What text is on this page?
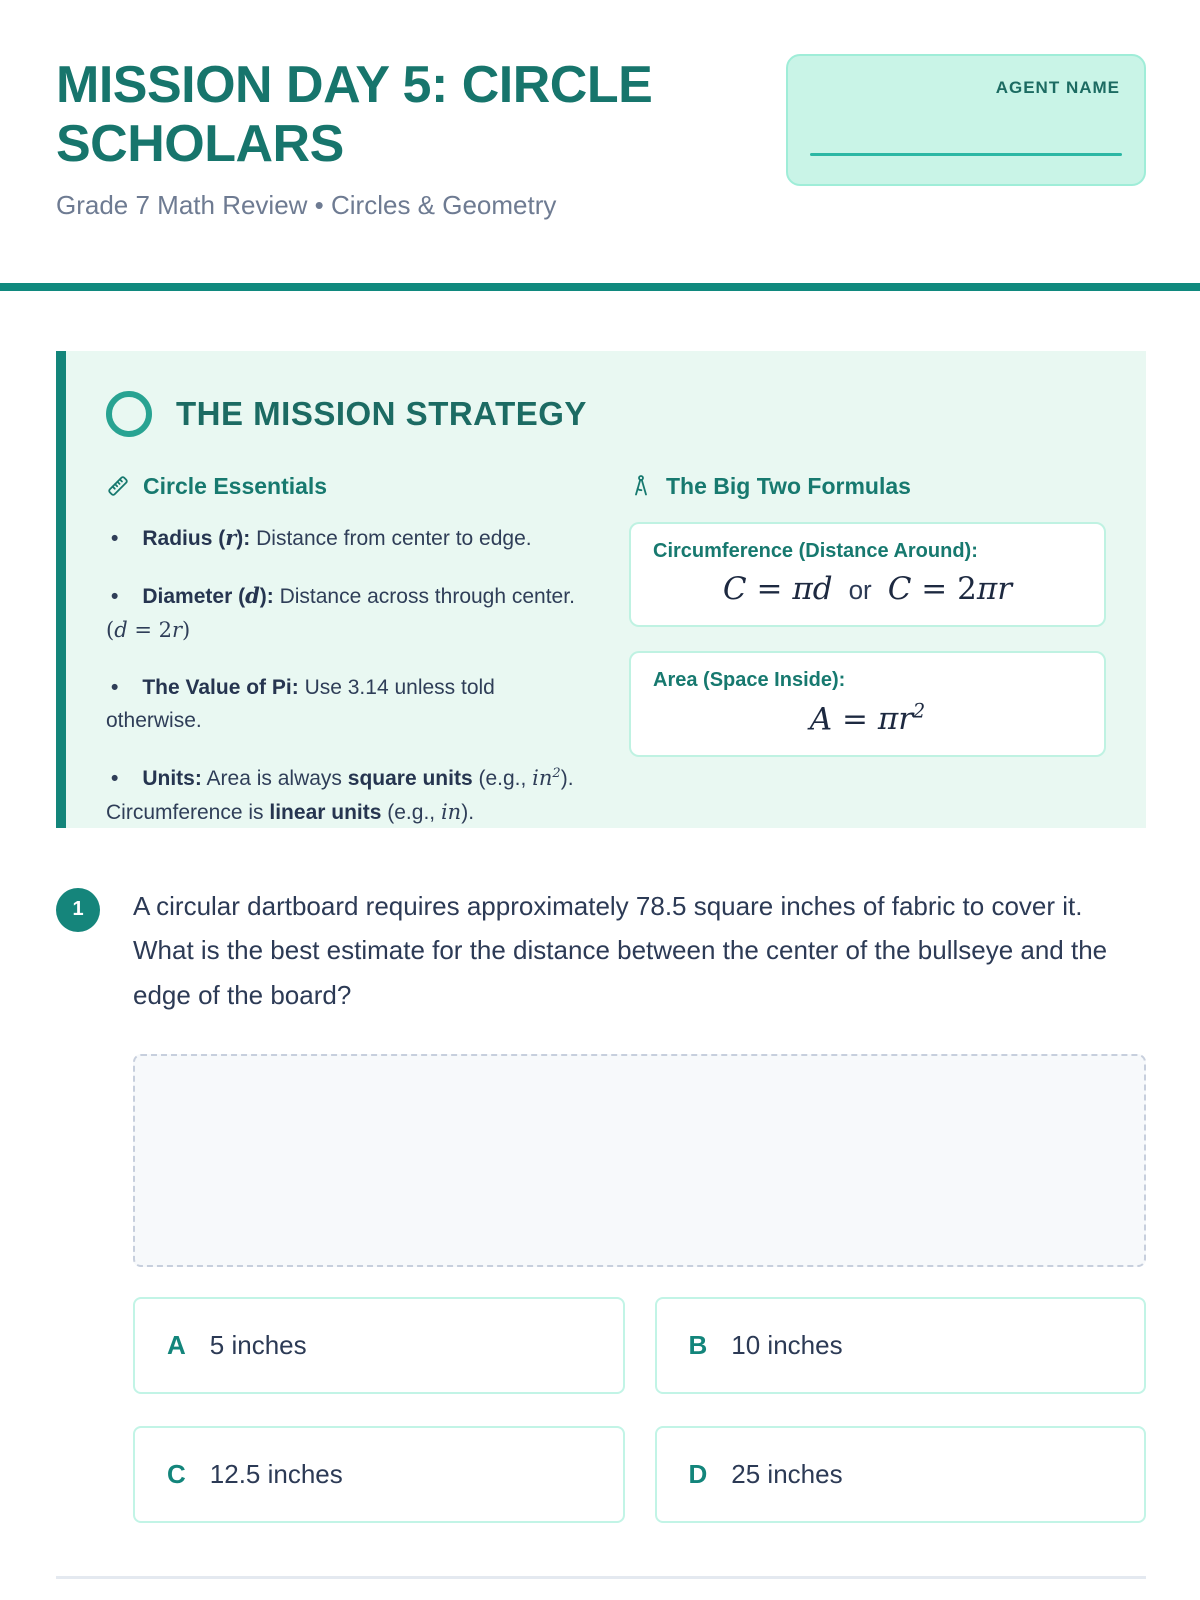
MISSION DAY 5: CIRCLE SCHOLARS
AGENT NAME

Grade 7 Math Review • Circles & Geometry

THE MISSION STRATEGY
Circle Essentials

• Radius (r): Distance from center to edge.

• Diameter (d): Distance across through center. (d = 2r)

• The Value of Pi: Use 3.14 unless told otherwise.

• Units: Area is always square units (e.g., $in^2$). Circumference is linear units (e.g., in).

The Big Two Formulas
Circumference (Distance Around):
C = πd or C = 2πr
Area (Space Inside):
$A = \pi r^2$
1	A circular dartboard requires approximately 78.5 square inches of fabric to cover it. What is the best estimate for the distance between the center of the bullseye and the edge of the board?

A 5 inches	B 10 inches
C 12.5 inches	D 25 inches
